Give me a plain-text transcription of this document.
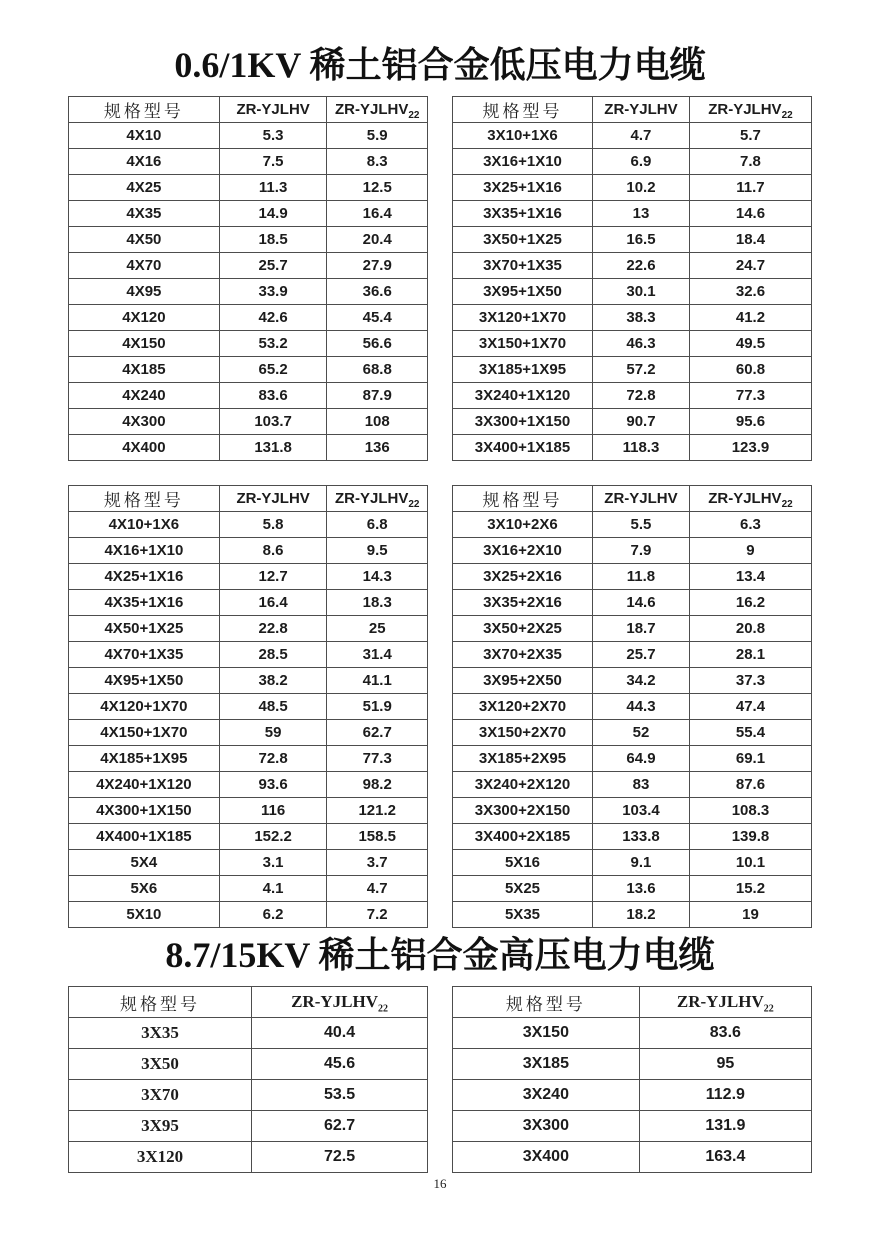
0.6/1KV 稀土铝合金低压电力电缆
规格型号	ZR-YJLHV	$ZR-YJLHV_{22}$
4X10	5.3	5.9
4X16	7.5	8.3
4X25	11.3	12.5
4X35	14.9	16.4
4X50	18.5	20.4
4X70	25.7	27.9
4X95	33.9	36.6
4X120	42.6	45.4
4X150	53.2	56.6
4X185	65.2	68.8
4X240	83.6	87.9
4X300	103.7	108
4X400	131.8	136
规格型号	ZR-YJLHV	$ZR-YJLHV_{22}$
3X10+1X6	4.7	5.7
3X16+1X10	6.9	7.8
3X25+1X16	10.2	11.7
3X35+1X16	13	14.6
3X50+1X25	16.5	18.4
3X70+1X35	22.6	24.7
3X95+1X50	30.1	32.6
3X120+1X70	38.3	41.2
3X150+1X70	46.3	49.5
3X185+1X95	57.2	60.8
3X240+1X120	72.8	77.3
3X300+1X150	90.7	95.6
3X400+1X185	118.3	123.9
规格型号	ZR-YJLHV	$ZR-YJLHV_{22}$
4X10+1X6	5.8	6.8
4X16+1X10	8.6	9.5
4X25+1X16	12.7	14.3
4X35+1X16	16.4	18.3
4X50+1X25	22.8	25
4X70+1X35	28.5	31.4
4X95+1X50	38.2	41.1
4X120+1X70	48.5	51.9
4X150+1X70	59	62.7
4X185+1X95	72.8	77.3
4X240+1X120	93.6	98.2
4X300+1X150	116	121.2
4X400+1X185	152.2	158.5
5X4	3.1	3.7
5X6	4.1	4.7
5X10	6.2	7.2
规格型号	ZR-YJLHV	$ZR-YJLHV_{22}$
3X10+2X6	5.5	6.3
3X16+2X10	7.9	9
3X25+2X16	11.8	13.4
3X35+2X16	14.6	16.2
3X50+2X25	18.7	20.8
3X70+2X35	25.7	28.1
3X95+2X50	34.2	37.3
3X120+2X70	44.3	47.4
3X150+2X70	52	55.4
3X185+2X95	64.9	69.1
3X240+2X120	83	87.6
3X300+2X150	103.4	108.3
3X400+2X185	133.8	139.8
5X16	9.1	10.1
5X25	13.6	15.2
5X35	18.2	19
8.7/15KV 稀土铝合金高压电力电缆
规格型号	$ZR-YJLHV_{22}$
3X35	40.4
3X50	45.6
3X70	53.5
3X95	62.7
3X120	72.5
规格型号	$ZR-YJLHV_{22}$
3X150	83.6
3X185	95
3X240	112.9
3X300	131.9
3X400	163.4
16
